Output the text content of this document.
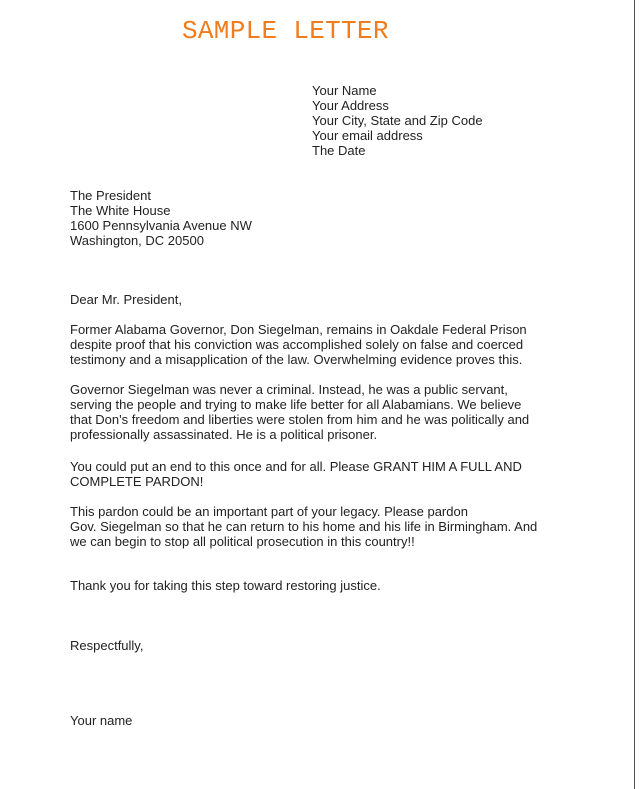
SAMPLE LETTER
Your Name
Your Address
Your City, State and Zip Code
Your email address
The Date
The President
The White House
1600 Pennsylvania Avenue NW
Washington, DC 20500
Dear Mr. President,
Former Alabama Governor, Don Siegelman, remains in Oakdale Federal Prison
despite proof that his conviction was accomplished solely on false and coerced
testimony and a misapplication of the law. Overwhelming evidence proves this.
Governor Siegelman was never a criminal. Instead, he was a public servant,
serving the people and trying to make life better for all Alabamians. We believe
that Don's freedom and liberties were stolen from him and he was politically and
professionally assassinated. He is a political prisoner.
You could put an end to this once and for all. Please GRANT HIM A FULL AND
COMPLETE PARDON!
This pardon could be an important part of your legacy. Please pardon
Gov. Siegelman so that he can return to his home and his life in Birmingham. And
we can begin to stop all political prosecution in this country!!
Thank you for taking this step toward restoring justice.
Respectfully,
Your name
